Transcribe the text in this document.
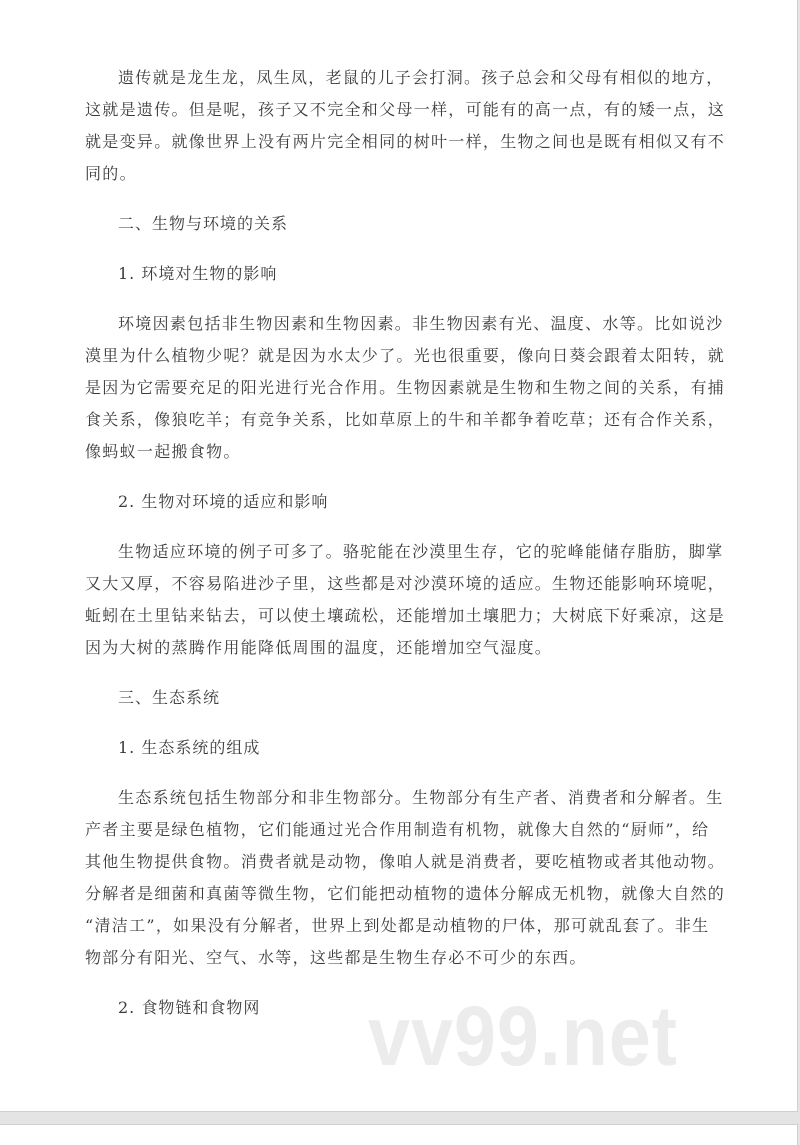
遗传就是龙生龙，凤生凤，老鼠的儿子会打洞。孩子总会和父母有相似的地方，
这就是遗传。但是呢，孩子又不完全和父母一样，可能有的高一点，有的矮一点，这
就是变异。就像世界上没有两片完全相同的树叶一样，生物之间也是既有相似又有不
同的。
二、生物与环境的关系
1. 环境对生物的影响
环境因素包括非生物因素和生物因素。非生物因素有光、温度、水等。比如说沙
漠里为什么植物少呢？就是因为水太少了。光也很重要，像向日葵会跟着太阳转，就
是因为它需要充足的阳光进行光合作用。生物因素就是生物和生物之间的关系，有捕
食关系，像狼吃羊；有竞争关系，比如草原上的牛和羊都争着吃草；还有合作关系，
像蚂蚁一起搬食物。
2. 生物对环境的适应和影响
生物适应环境的例子可多了。骆驼能在沙漠里生存，它的驼峰能储存脂肪，脚掌
又大又厚，不容易陷进沙子里，这些都是对沙漠环境的适应。生物还能影响环境呢，
蚯蚓在土里钻来钻去，可以使土壤疏松，还能增加土壤肥力；大树底下好乘凉，这是
因为大树的蒸腾作用能降低周围的温度，还能增加空气湿度。
三、生态系统
1. 生态系统的组成
生态系统包括生物部分和非生物部分。生物部分有生产者、消费者和分解者。生
产者主要是绿色植物，它们能通过光合作用制造有机物，就像大自然的“厨师”，给
其他生物提供食物。消费者就是动物，像咱人就是消费者，要吃植物或者其他动物。
分解者是细菌和真菌等微生物，它们能把动植物的遗体分解成无机物，就像大自然的
“清洁工”，如果没有分解者，世界上到处都是动植物的尸体，那可就乱套了。非生
物部分有阳光、空气、水等，这些都是生物生存必不可少的东西。
2. 食物链和食物网	vv99.net
